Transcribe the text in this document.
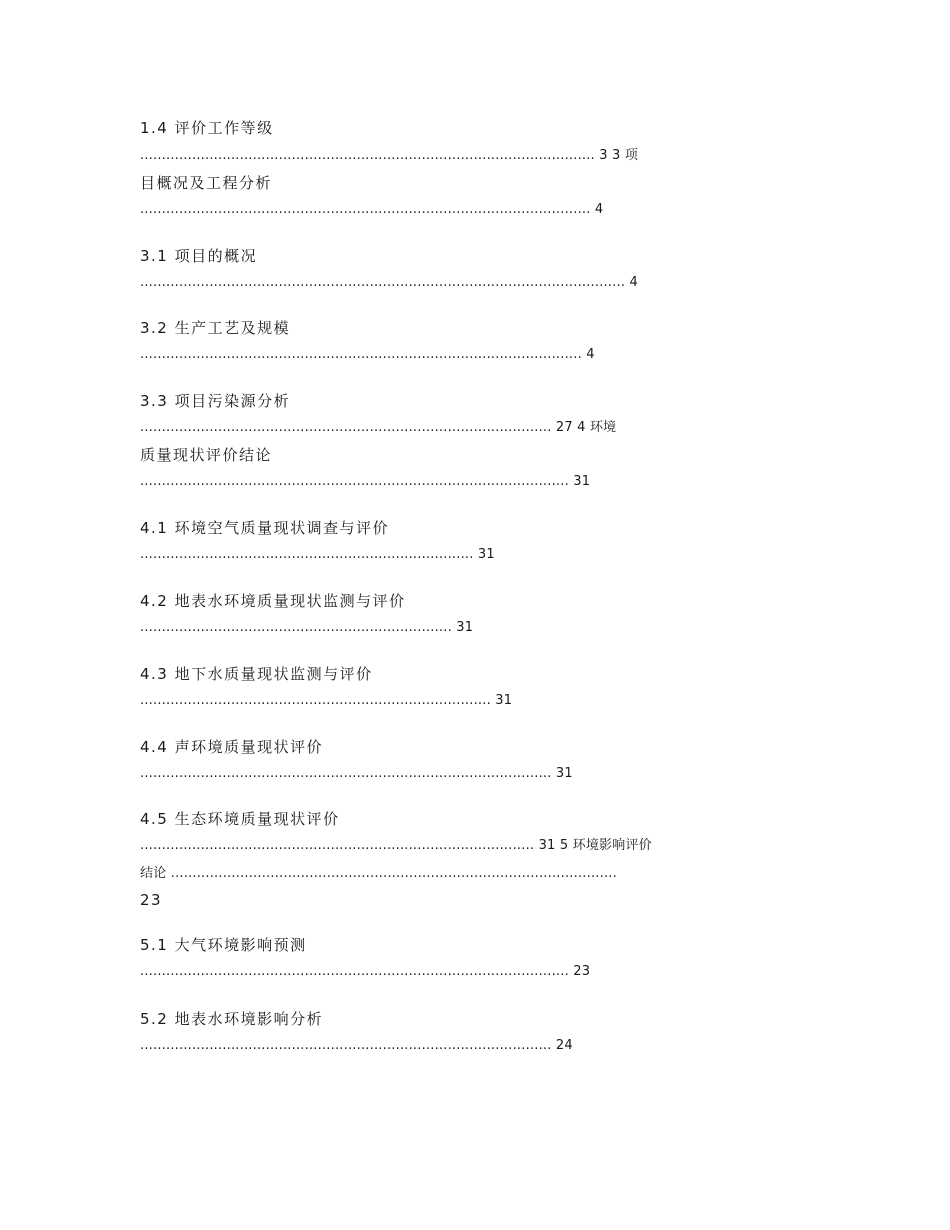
1.4 评价工作等级
......................................................................................................... 3 3 项
目概况及工程分析
........................................................................................................ 4
3.1 项目的概况
................................................................................................................ 4
3.2 生产工艺及规模
...................................................................................................... 4
3.3 项目污染源分析
............................................................................................... 27 4 环境
质量现状评价结论
................................................................................................... 31
4.1 环境空气质量现状调查与评价
............................................................................. 31
4.2 地表水环境质量现状监测与评价
........................................................................ 31
4.3 地下水质量现状监测与评价
................................................................................. 31
4.4 声环境质量现状评价
............................................................................................... 31
4.5 生态环境质量现状评价
........................................................................................... 31 5 环境影响评价
结论 .......................................................................................................
23
5.1 大气环境影响预测
................................................................................................... 23
5.2 地表水环境影响分析
............................................................................................... 24
